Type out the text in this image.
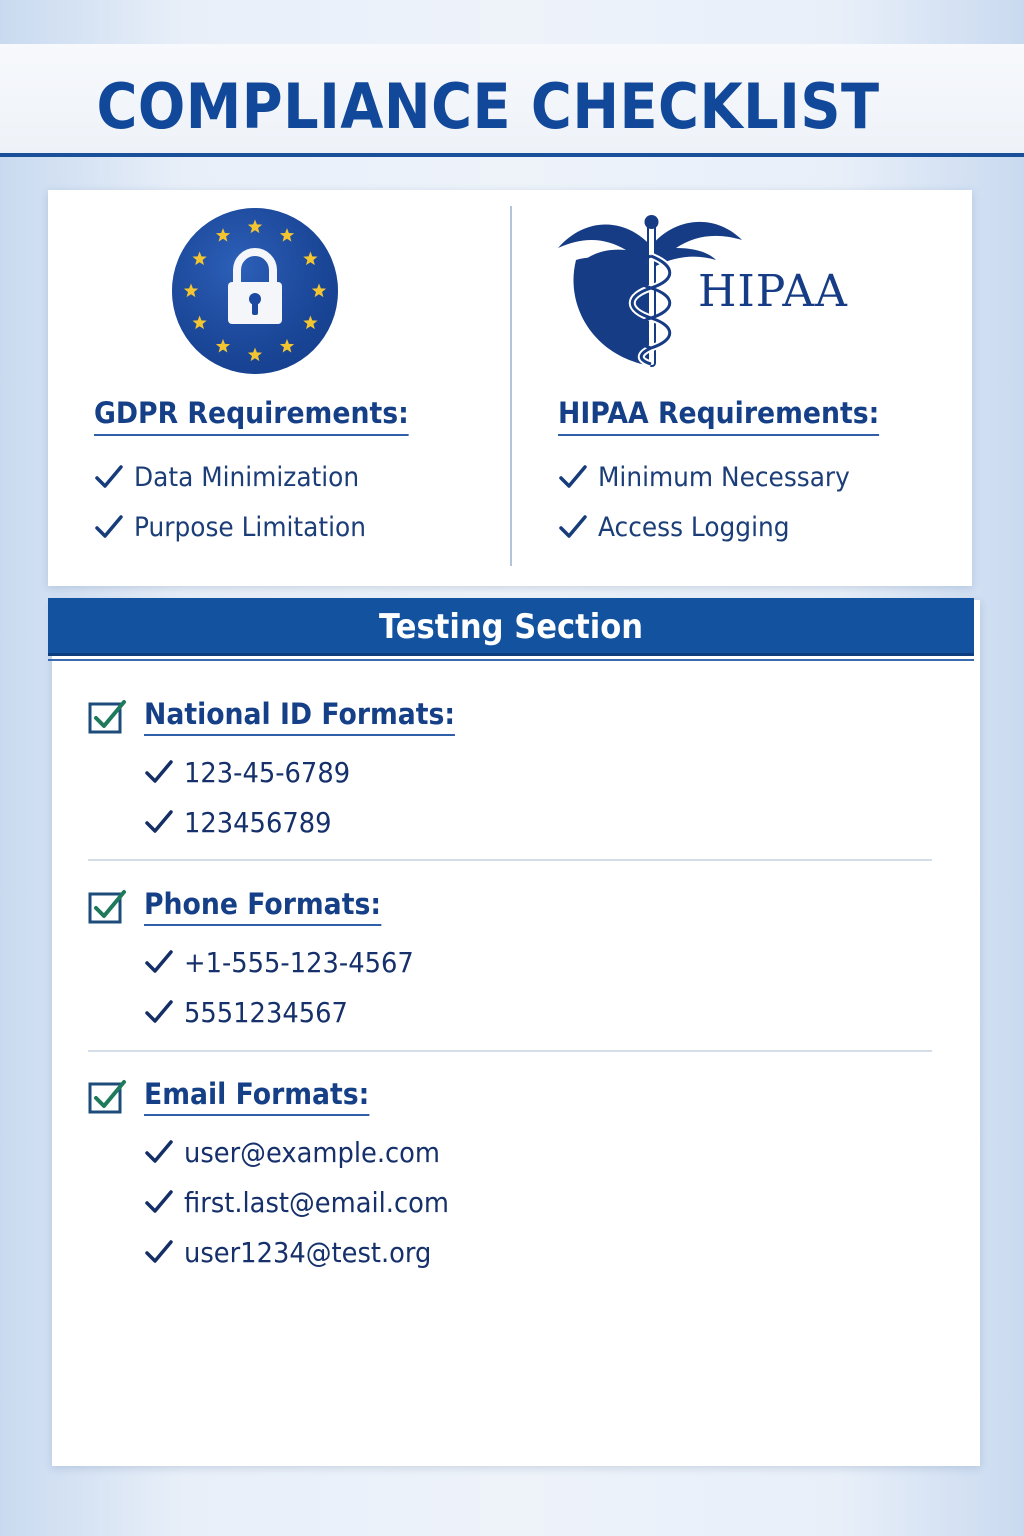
COMPLIANCE CHECKLIST
GDPR Requirements:
Data Minimization
Purpose Limitation
HIPAA
HIPAA Requirements:
Minimum Necessary
Access Logging
Testing Section
National ID Formats:
123-45-6789
123456789
Phone Formats:
+1-555-123-4567
5551234567
Email Formats:
user@example.com
first.last@email.com
user1234@test.org
